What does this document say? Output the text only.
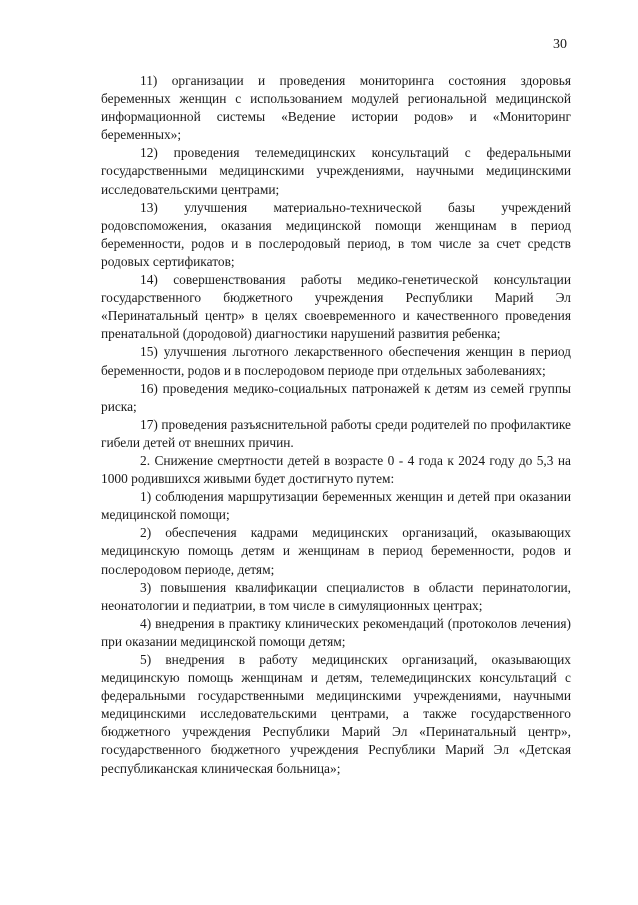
30

11) организации и проведения мониторинга состояния здоровья беременных женщин с использованием модулей региональной медицинской информационной системы «Ведение истории родов» и «Мониторинг беременных»;

12) проведения телемедицинских консультаций с федеральными государственными медицинскими учреждениями, научными медицинскими исследовательскими центрами;

13) улучшения материально-технической базы учреждений родовспоможения, оказания медицинской помощи женщинам в период беременности, родов и в послеродовый период, в том числе за счет средств родовых сертификатов;

14) совершенствования работы медико-генетической консультации государственного бюджетного учреждения Республики Марий Эл «Перинатальный центр» в целях своевременного и качественного проведения пренатальной (дородовой) диагностики нарушений развития ребенка;

15) улучшения льготного лекарственного обеспечения женщин в период беременности, родов и в послеродовом периоде при отдельных заболеваниях;

16) проведения медико-социальных патронажей к детям из семей группы риска;

17) проведения разъяснительной работы среди родителей по профилактике гибели детей от внешних причин.

2. Снижение смертности детей в возрасте 0 - 4 года к 2024 году до 5,3 на 1000 родившихся живыми будет достигнуто путем:

1) соблюдения маршрутизации беременных женщин и детей при оказании медицинской помощи;

2) обеспечения кадрами медицинских организаций, оказывающих медицинскую помощь детям и женщинам в период беременности, родов и послеродовом периоде, детям;

3) повышения квалификации специалистов в области перинатологии, неонатологии и педиатрии, в том числе в симуляционных центрах;

4) внедрения в практику клинических рекомендаций (протоколов лечения) при оказании медицинской помощи детям;

5) внедрения в работу медицинских организаций, оказывающих медицинскую помощь женщинам и детям, телемедицинских консультаций с федеральными государственными медицинскими учреждениями, научными медицинскими исследовательскими центрами, а также государственного бюджетного учреждения Республики Марий Эл «Перинатальный центр», государственного бюджетного учреждения Республики Марий Эл «Детская республиканская клиническая больница»;
